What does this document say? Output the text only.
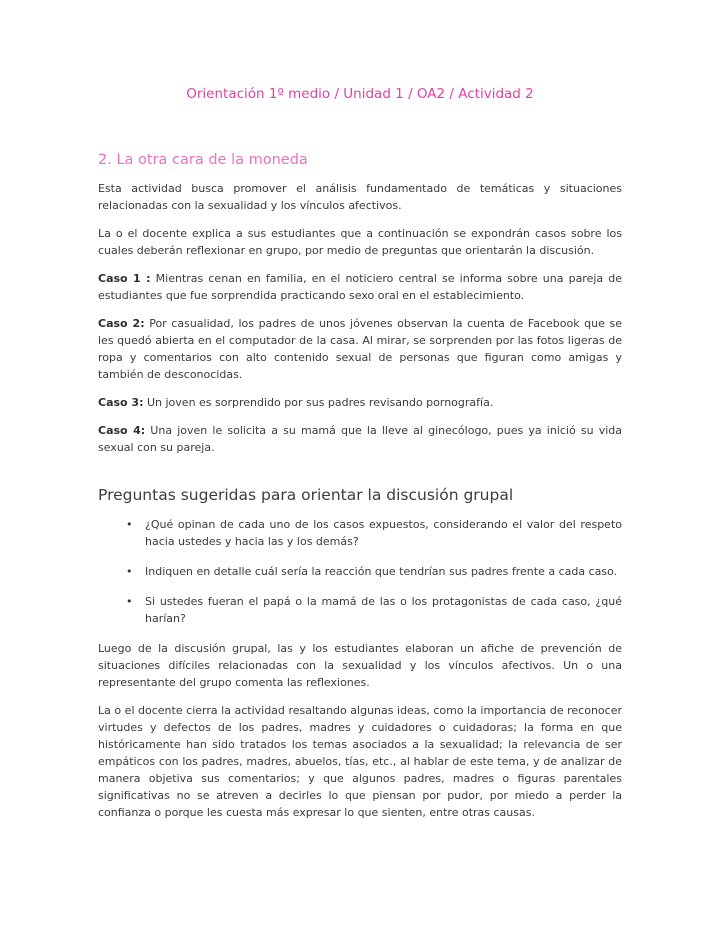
Orientación 1º medio / Unidad 1 / OA2 / Actividad 2
2. La otra cara de la moneda

Esta actividad busca promover el análisis fundamentado de temáticas y situaciones relacionadas con la sexualidad y los vínculos afectivos.

La o el docente explica a sus estudiantes que a continuación se expondrán casos sobre los cuales deberán reflexionar en grupo, por medio de preguntas que orientarán la discusión.

Caso 1 : Mientras cenan en familia, en el noticiero central se informa sobre una pareja de estudiantes que fue sorprendida practicando sexo oral en el establecimiento.

Caso 2: Por casualidad, los padres de unos jóvenes observan la cuenta de Facebook que se les quedó abierta en el computador de la casa. Al mirar, se sorprenden por las fotos ligeras de ropa y comentarios con alto contenido sexual de personas que figuran como amigas y también de desconocidas.

Caso 3: Un joven es sorprendido por sus padres revisando pornografía.

Caso 4: Una joven le solicita a su mamá que la lleve al ginecólogo, pues ya inició su vida sexual con su pareja.

Preguntas sugeridas para orientar la discusión grupal
• ¿Qué opinan de cada uno de los casos expuestos, considerando el valor del respeto hacia ustedes y hacia las y los demás?
• Indiquen en detalle cuál sería la reacción que tendrían sus padres frente a cada caso.
• Si ustedes fueran el papá o la mamá de las o los protagonistas de cada caso, ¿qué harían?

Luego de la discusión grupal, las y los estudiantes elaboran un afiche de prevención de situaciones difíciles relacionadas con la sexualidad y los vínculos afectivos. Un o una representante del grupo comenta las reflexiones.

La o el docente cierra la actividad resaltando algunas ideas, como la importancia de reconocer virtudes y defectos de los padres, madres y cuidadores o cuidadoras; la forma en que históricamente han sido tratados los temas asociados a la sexualidad; la relevancia de ser empáticos con los padres, madres, abuelos, tías, etc., al hablar de este tema, y de analizar de manera objetiva sus comentarios; y que algunos padres, madres o figuras parentales significativas no se atreven a decirles lo que piensan por pudor, por miedo a perder la confianza o porque les cuesta más expresar lo que sienten, entre otras causas.
